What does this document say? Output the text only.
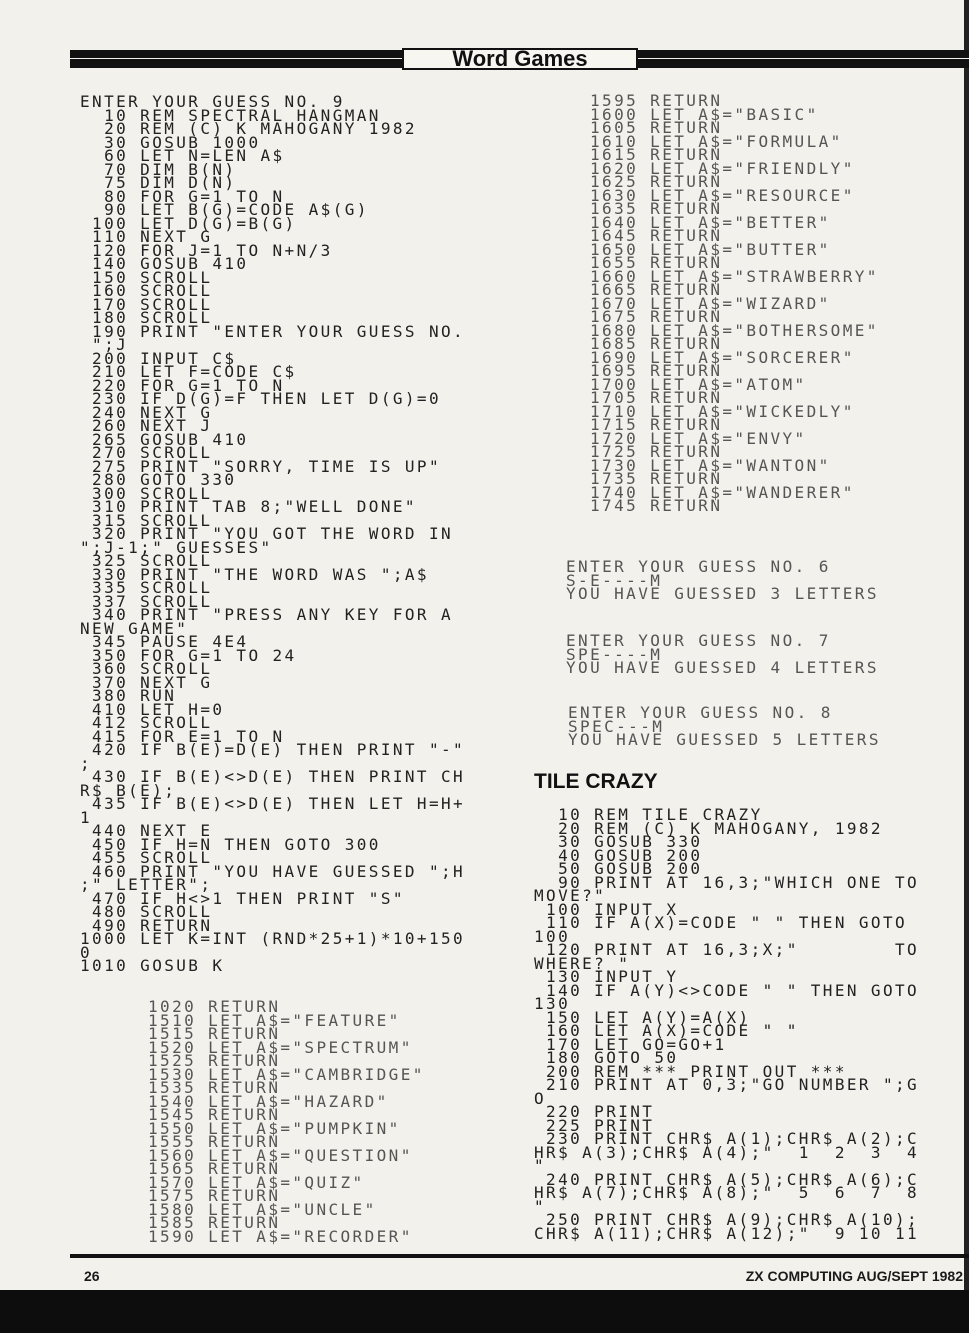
Word Games
ENTER YOUR GUESS NO. 9
10 REM SPECTRAL HANGMAN
20 REM (C) K MAHOGANY 1982
30 GOSUB 1000
60 LET N=LEN A$
70 DIM B(N)
75 DIM D(N)
80 FOR G=1 TO N
90 LET B(G)=CODE A$(G)
100 LET D(G)=B(G)
110 NEXT G
120 FOR J=1 TO N+N/3
140 GOSUB 410
150 SCROLL
160 SCROLL
170 SCROLL
180 SCROLL
190 PRINT "ENTER YOUR GUESS NO.
";J
200 INPUT C$
210 LET F=CODE C$
220 FOR G=1 TO N
230 IF D(G)=F THEN LET D(G)=0
240 NEXT G
260 NEXT J
265 GOSUB 410
270 SCROLL
275 PRINT "SORRY, TIME IS UP"
280 GOTO 330
300 SCROLL
310 PRINT TAB 8;"WELL DONE"
315 SCROLL
320 PRINT "YOU GOT THE WORD IN
";J-1;" GUESSES"
325 SCROLL
330 PRINT "THE WORD WAS ";A$
335 SCROLL
337 SCROLL
340 PRINT "PRESS ANY KEY FOR A
NEW GAME"
345 PAUSE 4E4
350 FOR G=1 TO 24
360 SCROLL
370 NEXT G
380 RUN
410 LET H=0
412 SCROLL
415 FOR E=1 TO N
420 IF B(E)=D(E) THEN PRINT "-"
;
430 IF B(E)<>D(E) THEN PRINT CH
R$ B(E);
435 IF B(E)<>D(E) THEN LET H=H+
1
440 NEXT E
450 IF H=N THEN GOTO 300
455 SCROLL
460 PRINT "YOU HAVE GUESSED ";H
;" LETTER";
470 IF H<>1 THEN PRINT "S"
480 SCROLL
490 RETURN
1000 LET K=INT (RND*25+1)*10+150
0
1010 GOSUB K
1020 RETURN
1510 LET A$="FEATURE"
1515 RETURN
1520 LET A$="SPECTRUM"
1525 RETURN
1530 LET A$="CAMBRIDGE"
1535 RETURN
1540 LET A$="HAZARD"
1545 RETURN
1550 LET A$="PUMPKIN"
1555 RETURN
1560 LET A$="QUESTION"
1565 RETURN
1570 LET A$="QUIZ"
1575 RETURN
1580 LET A$="UNCLE"
1585 RETURN
1590 LET A$="RECORDER"
1595 RETURN
1600 LET A$="BASIC"
1605 RETURN
1610 LET A$="FORMULA"
1615 RETURN
1620 LET A$="FRIENDLY"
1625 RETURN
1630 LET A$="RESOURCE"
1635 RETURN
1640 LET A$="BETTER"
1645 RETURN
1650 LET A$="BUTTER"
1655 RETURN
1660 LET A$="STRAWBERRY"
1665 RETURN
1670 LET A$="WIZARD"
1675 RETURN
1680 LET A$="BOTHERSOME"
1685 RETURN
1690 LET A$="SORCERER"
1695 RETURN
1700 LET A$="ATOM"
1705 RETURN
1710 LET A$="WICKEDLY"
1715 RETURN
1720 LET A$="ENVY"
1725 RETURN
1730 LET A$="WANTON"
1735 RETURN
1740 LET A$="WANDERER"
1745 RETURN
ENTER YOUR GUESS NO. 6
S-E----M
YOU HAVE GUESSED 3 LETTERS
ENTER YOUR GUESS NO. 7
SPE----M
YOU HAVE GUESSED 4 LETTERS
ENTER YOUR GUESS NO. 8
SPEC---M
YOU HAVE GUESSED 5 LETTERS
TILE CRAZY
10 REM TILE CRAZY
20 REM (C) K MAHOGANY, 1982
30 GOSUB 330
40 GOSUB 200
50 GOSUB 200
90 PRINT AT 16,3;"WHICH ONE TO
MOVE?"
100 INPUT X
110 IF A(X)=CODE " " THEN GOTO
100
120 PRINT AT 16,3;X;"        TO
WHERE? "
130 INPUT Y
140 IF A(Y)<>CODE " " THEN GOTO
130
150 LET A(Y)=A(X)
160 LET A(X)=CODE " "
170 LET GO=GO+1
180 GOTO 50
200 REM *** PRINT OUT ***
210 PRINT AT 0,3;"GO NUMBER ";G
O
220 PRINT
225 PRINT
230 PRINT CHR$ A(1);CHR$ A(2);C
HR$ A(3);CHR$ A(4);"  1  2  3  4
"
240 PRINT CHR$ A(5);CHR$ A(6);C
HR$ A(7);CHR$ A(8);"  5  6  7  8
"
250 PRINT CHR$ A(9);CHR$ A(10);
CHR$ A(11);CHR$ A(12);"  9 10 11
26	ZX COMPUTING AUG/SEPT 1982
